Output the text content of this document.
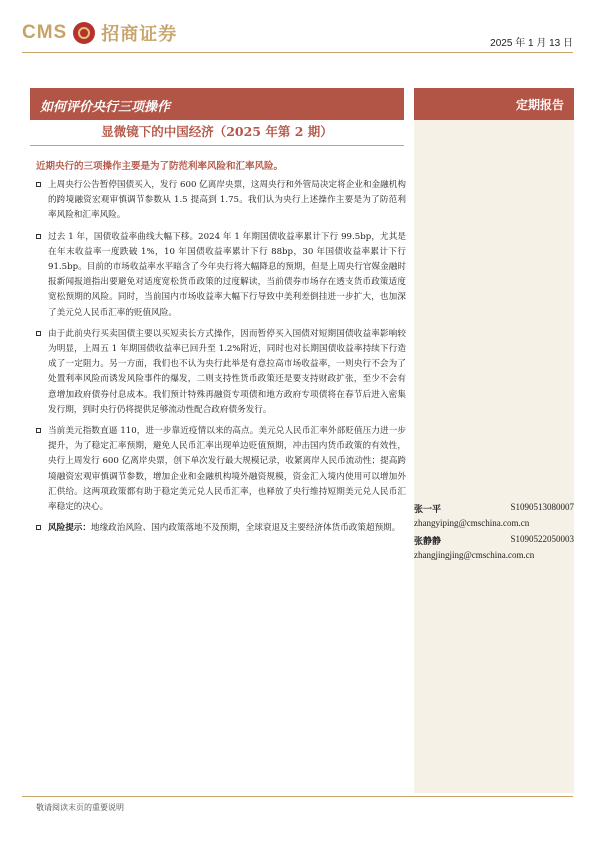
CMS 招商证券	2025 年 1 月 13 日
如何评价央行三项操作	定期报告
显微镜下的中国经济（2025 年第 2 期）
近期央行的三项操作主要是为了防范利率风险和汇率风险。
上周央行公告暂停国债买入，发行 600 亿离岸央票，这周央行和外管局决定将企业和金融机构的跨境融资宏观审慎调节参数从 1.5 提高到 1.75。我们认为央行上述操作主要是为了防范利率风险和汇率风险。
过去 1 年，国债收益率曲线大幅下移。2024 年 1 年期国债收益率累计下行 99.5bp，尤其是在年末收益率一度跌破 1%，10 年国债收益率累计下行 88bp，30 年国债收益率累计下行 91.5bp。目前的市场收益率水平暗含了今年央行将大幅降息的预期，但是上周央行官媒金融时报新闻报道指出要避免对适度宽松货币政策的过度解读，当前债券市场存在透支货币政策适度宽松预期的风险。同时，当前国内市场收益率大幅下行导致中美利差倒挂进一步扩大，也加深了美元兑人民币汇率的贬值风险。
由于此前央行买卖国债主要以买短卖长方式操作，因而暂停买入国债对短期国债收益率影响较为明显，上周五 1 年期国债收益率已回升至 1.2%附近，同时也对长期国债收益率持续下行造成了一定阻力。另一方面，我们也不认为央行此举是有意拉高市场收益率，一则央行不会为了处置利率风险而诱发风险事件的爆发，二则支持性货币政策还是要支持财政扩张，至少不会有意增加政府债券付息成本。我们预计特殊再融资专项债和地方政府专项债将在春节后进入密集发行期，到时央行仍将提供足够流动性配合政府债务发行。
当前美元指数直逼 110，进一步靠近疫情以来的高点。美元兑人民币汇率外部贬值压力进一步提升，为了稳定汇率预期，避免人民币汇率出现单边贬值预期，冲击国内货币政策的有效性，央行上周发行 600 亿离岸央票，创下单次发行最大规模记录，收紧离岸人民币流动性；提高跨境融资宏观审慎调节参数，增加企业和金融机构境外融资规模，资金汇入境内使用可以增加外汇供给。这两项政策都有助于稳定美元兑人民币汇率，也释放了央行维持短期美元兑人民币汇率稳定的决心。
风险提示：地缘政治风险、国内政策落地不及预期，全球衰退及主要经济体货币政策超预期。
张一平	S1090513080007
zhangyiping@cmschina.com.cn
张静静	S1090522050003
zhangjingjing@cmschina.com.cn
敬请阅读末页的重要说明
